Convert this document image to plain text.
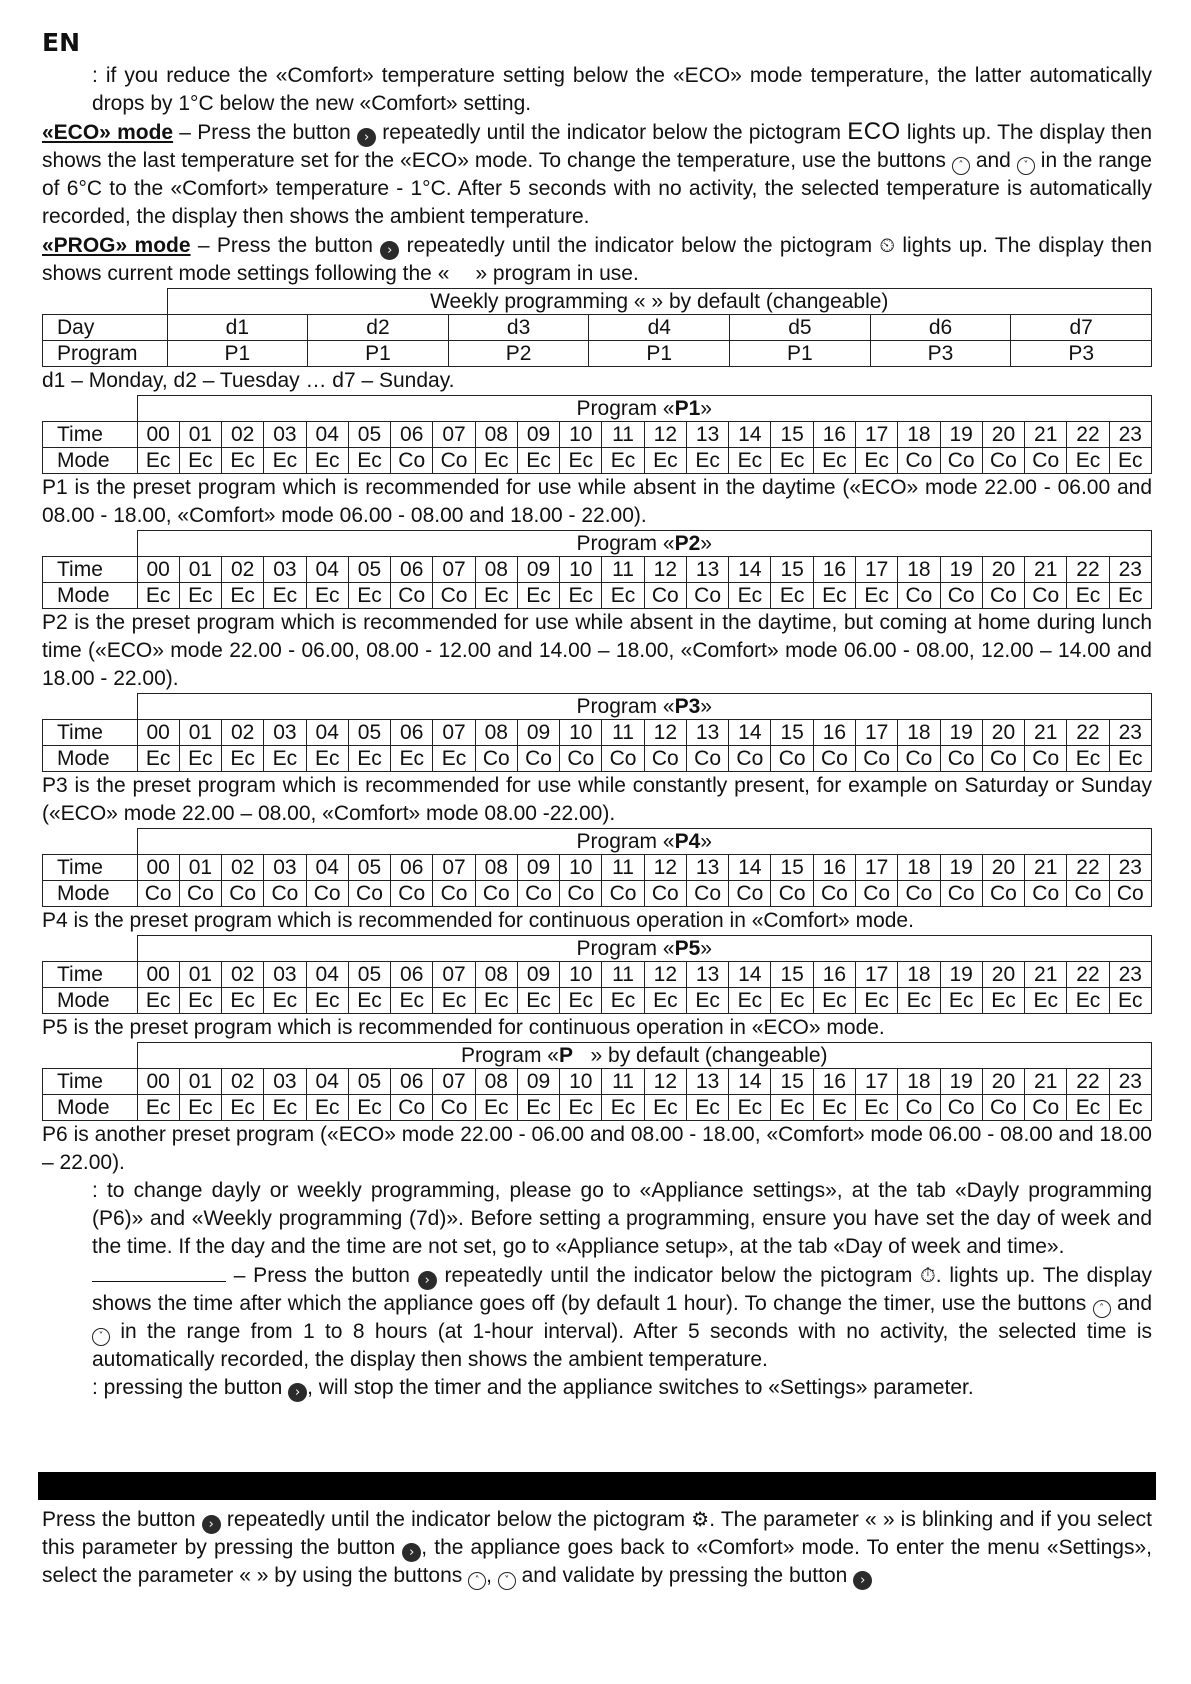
EN

: if you reduce the «Comfort» temperature setting below the «ECO» mode temperature, the latter automatically drops by 1°C below the new «Comfort» setting.

«ECO» mode – Press the button › repeatedly until the indicator below the pictogram ECO lights up. The display then shows the last temperature set for the «ECO» mode. To change the temperature, use the buttons ˄ and ˅ in the range of 6°C to the «Comfort» temperature - 1°C. After 5 seconds with no activity, the selected temperature is automatically recorded, the display then shows the ambient temperature.

«PROG» mode – Press the button › repeatedly until the indicator below the pictogram ⏲ lights up. The display then shows current mode settings following the « » program in use.

	Weekly programming « » by default (changeable)						
Day	d1	d2	d3	d4	d5	d6	d7
Program	P1	P1	P2	P1	P1	P3	P3

d1 – Monday, d2 – Tuesday … d7 – Sunday.

	Program «P1»																							
Time	00	01	02	03	04	05	06	07	08	09	10	11	12	13	14	15	16	17	18	19	20	21	22	23
Mode	Ec	Ec	Ec	Ec	Ec	Ec	Co	Co	Ec	Ec	Ec	Ec	Ec	Ec	Ec	Ec	Ec	Ec	Co	Co	Co	Co	Ec	Ec

P1 is the preset program which is recommended for use while absent in the daytime («ECO» mode 22.00 - 06.00 and 08.00 - 18.00, «Comfort» mode 06.00 - 08.00 and 18.00 - 22.00).

	Program «P2»																							
Time	00	01	02	03	04	05	06	07	08	09	10	11	12	13	14	15	16	17	18	19	20	21	22	23
Mode	Ec	Ec	Ec	Ec	Ec	Ec	Co	Co	Ec	Ec	Ec	Ec	Co	Co	Ec	Ec	Ec	Ec	Co	Co	Co	Co	Ec	Ec

P2 is the preset program which is recommended for use while absent in the daytime, but coming at home during lunch time («ECO» mode 22.00 - 06.00, 08.00 - 12.00 and 14.00 – 18.00, «Comfort» mode 06.00 - 08.00, 12.00 – 14.00 and 18.00 - 22.00).

	Program «P3»																							
Time	00	01	02	03	04	05	06	07	08	09	10	11	12	13	14	15	16	17	18	19	20	21	22	23
Mode	Ec	Ec	Ec	Ec	Ec	Ec	Ec	Ec	Co	Co	Co	Co	Co	Co	Co	Co	Co	Co	Co	Co	Co	Co	Ec	Ec

P3 is the preset program which is recommended for use while constantly present, for example on Saturday or Sunday («ECO» mode 22.00 – 08.00, «Comfort» mode 08.00 -22.00).

	Program «P4»																							
Time	00	01	02	03	04	05	06	07	08	09	10	11	12	13	14	15	16	17	18	19	20	21	22	23
Mode	Co	Co	Co	Co	Co	Co	Co	Co	Co	Co	Co	Co	Co	Co	Co	Co	Co	Co	Co	Co	Co	Co	Co	Co

P4 is the preset program which is recommended for continuous operation in «Comfort» mode.

	Program «P5»																							
Time	00	01	02	03	04	05	06	07	08	09	10	11	12	13	14	15	16	17	18	19	20	21	22	23
Mode	Ec	Ec	Ec	Ec	Ec	Ec	Ec	Ec	Ec	Ec	Ec	Ec	Ec	Ec	Ec	Ec	Ec	Ec	Ec	Ec	Ec	Ec	Ec	Ec

P5 is the preset program which is recommended for continuous operation in «ECO» mode.

	Program «P   » by default (changeable)																							
Time	00	01	02	03	04	05	06	07	08	09	10	11	12	13	14	15	16	17	18	19	20	21	22	23
Mode	Ec	Ec	Ec	Ec	Ec	Ec	Co	Co	Ec	Ec	Ec	Ec	Ec	Ec	Ec	Ec	Ec	Ec	Co	Co	Co	Co	Ec	Ec

P6 is another preset program («ECO» mode 22.00 - 06.00 and 08.00 - 18.00, «Comfort» mode 06.00 - 08.00 and 18.00 – 22.00).

: to change dayly or weekly programming, please go to «Appliance settings», at the tab «Dayly programming (P6)» and «Weekly programming (7d)». Before setting a programming, ensure you have set the day of week and the time. If the day and the time are not set, go to «Appliance setup», at the tab «Day of week and time».

– Press the button › repeatedly until the indicator below the pictogram ⏱. lights up. The display shows the time after which the appliance goes off (by default 1 hour). To change the timer, use the buttons ˄ and ˅ in the range from 1 to 8 hours (at 1-hour interval). After 5 seconds with no activity, the selected time is automatically recorded, the display then shows the ambient temperature.

: pressing the button › , will stop the timer and the appliance switches to «Settings» parameter.

Press the button › repeatedly until the indicator below the pictogram ⚙. The parameter « » is blinking and if you select this parameter by pressing the button › , the appliance goes back to «Comfort» mode. To enter the menu «Settings», select the parameter « » by using the buttons ˄ , ˅ and validate by pressing the button ›
